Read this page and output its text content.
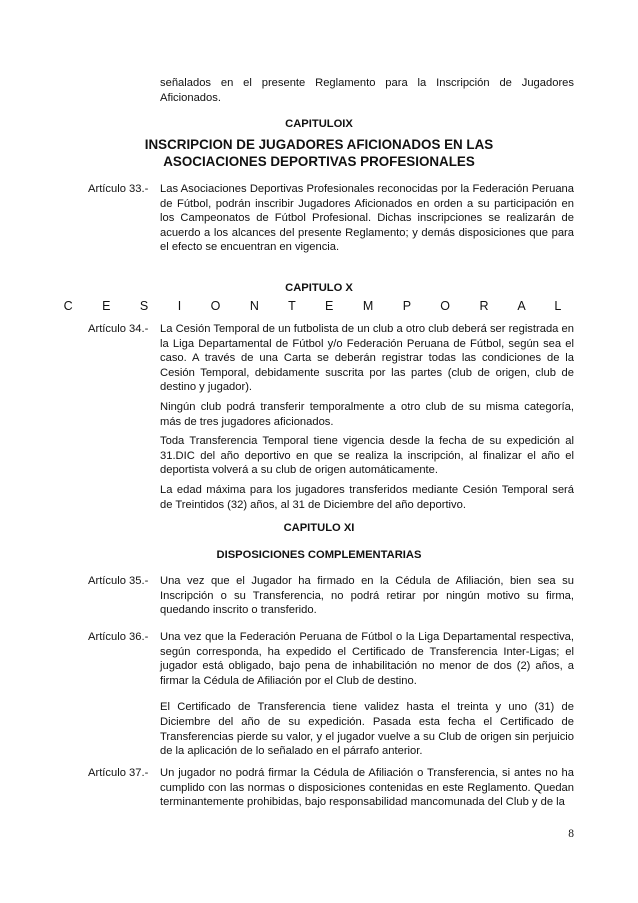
señalados en el presente Reglamento para la Inscripción de Jugadores Aficionados.

CAPITULOIX
INSCRIPCION DE JUGADORES AFICIONADOS EN LAS
ASOCIACIONES DEPORTIVAS PROFESIONALES
Artículo 33.-	Las Asociaciones Deportivas Profesionales reconocidas por la Federación Peruana de Fútbol, podrán inscribir Jugadores Aficionados en orden a su participación en los Campeonatos de Fútbol Profesional. Dichas inscripciones se realizarán de acuerdo a los alcances del presente Reglamento; y demás disposiciones que para el efecto se encuentran en vigencia.

CAPITULO X
C E S I O N T E M P O R A L
Artículo 34.-	La Cesión Temporal de un futbolista de un club a otro club deberá ser registrada en la Liga Departamental de Fútbol y/o Federación Peruana de Fútbol, según sea el caso. A través de una Carta se deberán registrar todas las condiciones de la Cesión Temporal, debidamente suscrita por las partes (club de origen, club de destino y jugador).

Ningún club podrá transferir temporalmente a otro club de su misma categoría, más de tres jugadores aficionados.

Toda Transferencia Temporal tiene vigencia desde la fecha de su expedición al 31.DIC del año deportivo en que se realiza la inscripción, al finalizar el año el deportista volverá a su club de origen automáticamente.

La edad máxima para los jugadores transferidos mediante Cesión Temporal será de Treintidos (32) años, al 31 de Diciembre del año deportivo.

CAPITULO XI
DISPOSICIONES COMPLEMENTARIAS
Artículo 35.-	Una vez que el Jugador ha firmado en la Cédula de Afiliación, bien sea su Inscripción o su Transferencia, no podrá retirar por ningún motivo su firma, quedando inscrito o transferido.

Artículo 36.-	Una vez que la Federación Peruana de Fútbol o la Liga Departamental respectiva, según corresponda, ha expedido el Certificado de Transferencia Inter-Ligas; el jugador está obligado, bajo pena de inhabilitación no menor de dos (2) años, a firmar la Cédula de Afiliación por el Club de destino.

El Certificado de Transferencia tiene validez hasta el treinta y uno (31) de Diciembre del año de su expedición. Pasada esta fecha el Certificado de Transferencias pierde su valor, y el jugador vuelve a su Club de origen sin perjuicio de la aplicación de lo señalado en el párrafo anterior.

Artículo 37.-	Un jugador no podrá firmar la Cédula de Afiliación o Transferencia, si antes no ha cumplido con las normas o disposiciones contenidas en este Reglamento. Quedan terminantemente prohibidas, bajo responsabilidad mancomunada del Club y de la

8
